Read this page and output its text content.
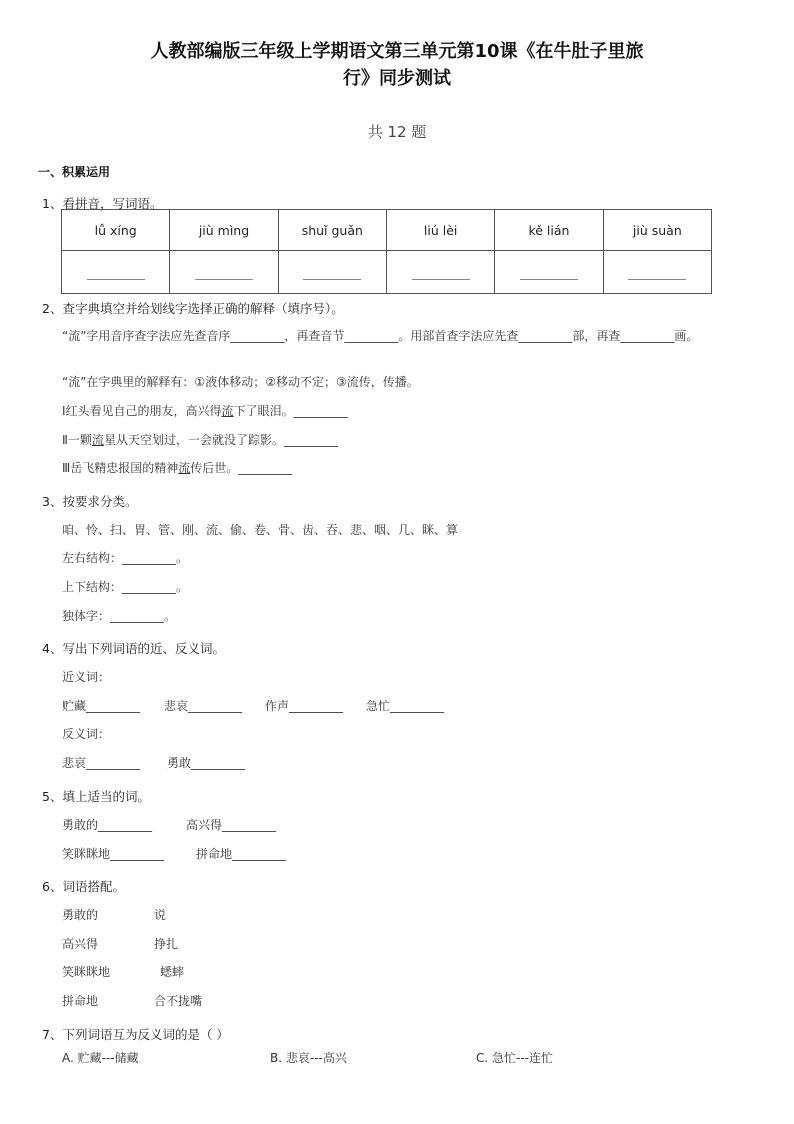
人教部编版三年级上学期语文第三单元第10课《在牛肚子里旅
行》同步测试
共 12 题
一、积累运用
1、看拼音，写词语。
lǚ xíng	jiù mìng	shuǐ guǎn	liú lèi	kě lián	jiù suàn

2、查字典填空并给划线字选择正确的解释（填序号）。
“流”字用音序查字法应先查音序_________，再查音节_________。用部首查字法应先查_________部，再查_________画。
“流”在字典里的解释有：①液体移动；②移动不定；③流传，传播。
Ⅰ红头看见自己的朋友，高兴得流下了眼泪。_________
Ⅱ一颗流星从天空划过，一会就没了踪影。_________
Ⅲ岳飞精忠报国的精神流传后世。_________
3、按要求分类。
咱、怜、扫、胃、管、刚、流、偷、卷、骨、齿、吞、悲、咽、几、眯、算
左右结构：_________。
上下结构：_________。
独体字：_________。
4、写出下列词语的近、反义词。
近义词：
贮藏_________ 悲哀_________ 作声_________ 急忙_________
反义词：
悲哀_________ 勇敢_________
5、填上适当的词。
勇敢的_________	高兴得_________
笑眯眯地_________	拼命地_________
6、词语搭配。
勇敢的	说
高兴得	挣扎
笑眯眯地	蟋蟀
拼命地	合不拢嘴
7、下列词语互为反义词的是（ ）
A. 贮藏---储藏	B. 悲哀---高兴	C. 急忙---连忙
